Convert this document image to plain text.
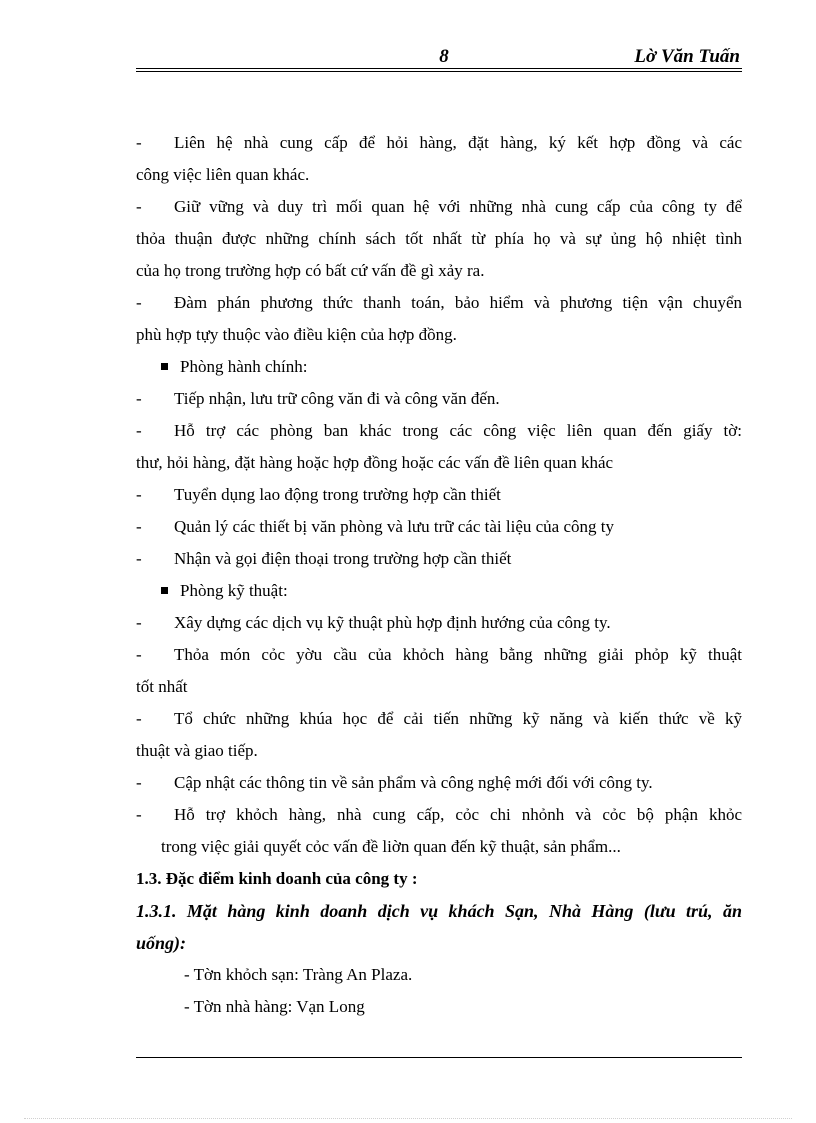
8	Lờ Văn Tuấn
- Liên hệ nhà cung cấp để hỏi hàng, đặt hàng, ký kết hợp đồng và các
công việc liên quan khác.
- Giữ vững và duy trì mối quan hệ với những nhà cung cấp của công ty để
thỏa thuận được những chính sách tốt nhất từ phía họ và sự ủng hộ nhiệt tình
của họ trong trường hợp có bất cứ vấn đề gì xảy ra.
- Đàm phán phương thức thanh toán, bảo hiểm và phương tiện vận chuyển
phù hợp tựy thuộc vào điều kiện của hợp đồng.
Phòng hành chính:
- Tiếp nhận, lưu trữ công văn đi và công văn đến.
- Hỗ trợ các phòng ban khác trong các công việc liên quan đến giấy tờ:
thư, hỏi hàng, đặt hàng hoặc hợp đồng hoặc các vấn đề liên quan khác
- Tuyển dụng lao động trong trường hợp cần thiết
- Quản lý các thiết bị văn phòng và lưu trữ các tài liệu của công ty
- Nhận và gọi điện thoại trong trường hợp cần thiết
Phòng kỹ thuật:
- Xây dựng các dịch vụ kỹ thuật phù hợp định hướng của công ty.
- Thỏa món cỏc yờu cầu của khỏch hàng bằng những giải phỏp kỹ thuật
tốt nhất
- Tổ chức những khúa học để cải tiến những kỹ năng và kiến thức về kỹ
thuật và giao tiếp.
- Cập nhật các thông tin về sản phẩm và công nghệ mới đối với công ty.
- Hỗ trợ khỏch hàng, nhà cung cấp, cỏc chi nhỏnh và cỏc bộ phận khỏc
trong việc giải quyết cỏc vấn đề liờn quan đến kỹ thuật, sản phẩm...
1.3. Đặc điểm kinh doanh của công ty :
1.3.1. Mặt hàng kinh doanh dịch vụ khách Sạn, Nhà Hàng (lưu trú, ăn
uống):
- Tờn khỏch sạn: Tràng An Plaza.
- Tờn nhà hàng: Vạn Long
